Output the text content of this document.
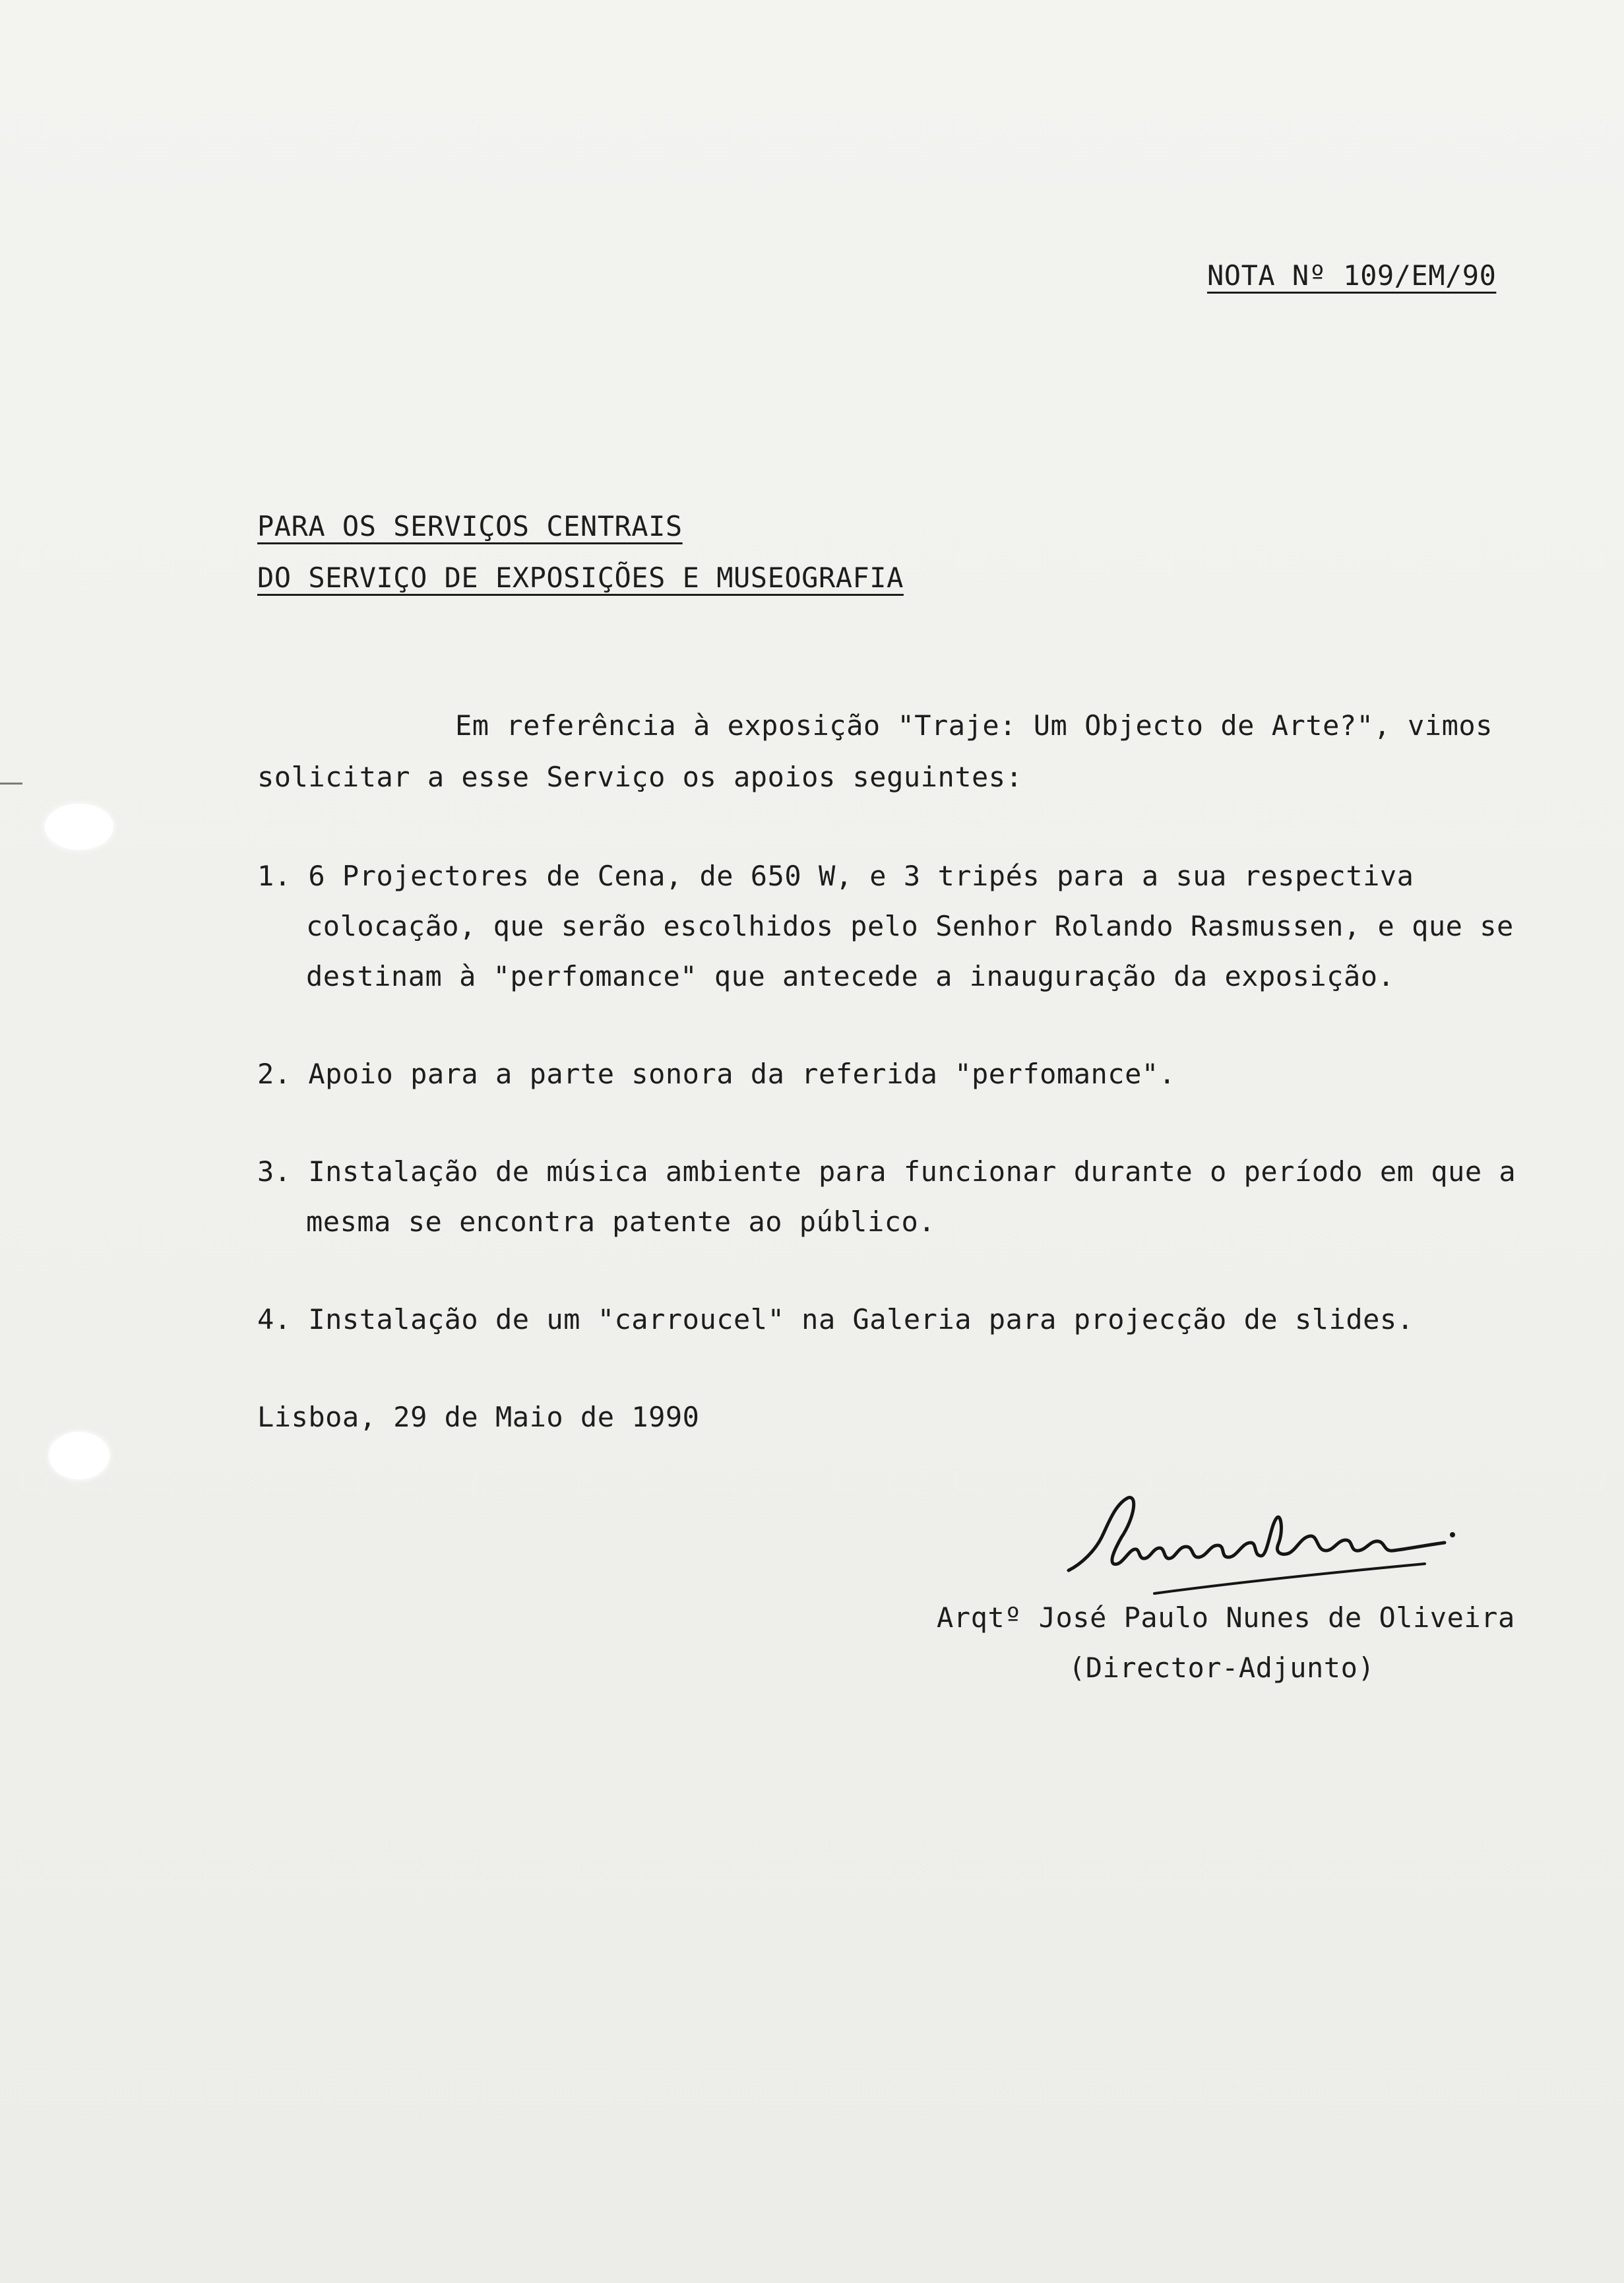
NOTA Nº 109/EM/90
PARA OS SERVIÇOS CENTRAIS
DO SERVIÇO DE EXPOSIÇÕES E MUSEOGRAFIA
Em referência à exposição "Traje: Um Objecto de Arte?", vimos
solicitar a esse Serviço os apoios seguintes:
1. 6 Projectores de Cena, de 650 W, e 3 tripés para a sua respectiva
colocação, que serão escolhidos pelo Senhor Rolando Rasmussen, e que se
destinam à "perfomance" que antecede a inauguração da exposição.
2. Apoio para a parte sonora da referida "perfomance".
3. Instalação de música ambiente para funcionar durante o período em que a
mesma se encontra patente ao público.
4. Instalação de um "carroucel" na Galeria para projecção de slides.
Lisboa, 29 de Maio de 1990
Arqtº José Paulo Nunes de Oliveira
(Director-Adjunto)
